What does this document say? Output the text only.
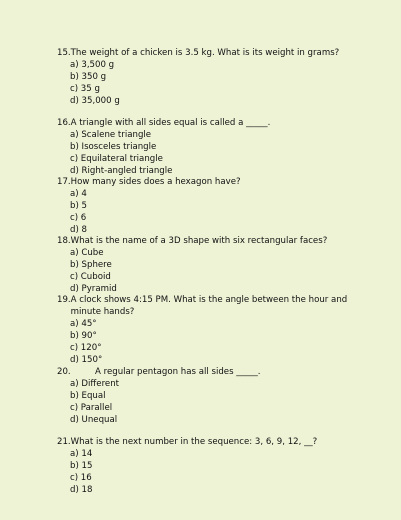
15. The weight of a chicken is 3.5 kg. What is its weight in grams?
a) 3,500 g
b) 350 g
c) 35 g
d) 35,000 g
16. A triangle with all sides equal is called a _____.
a) Scalene triangle
b) Isosceles triangle
c) Equilateral triangle
d) Right-angled triangle
17. How many sides does a hexagon have?
a) 4
b) 5
c) 6
d) 8
18. What is the name of a 3D shape with six rectangular faces?
a) Cube
b) Sphere
c) Cuboid
d) Pyramid
19. A clock shows 4:15 PM. What is the angle between the hour and minute hands?
a) 45°
b) 90°
c) 120°
d) 150°
20.	A regular pentagon has all sides _____.
a) Different
b) Equal
c) Parallel
d) Unequal
21. What is the next number in the sequence: 3, 6, 9, 12, __?
a) 14
b) 15
c) 16
d) 18
